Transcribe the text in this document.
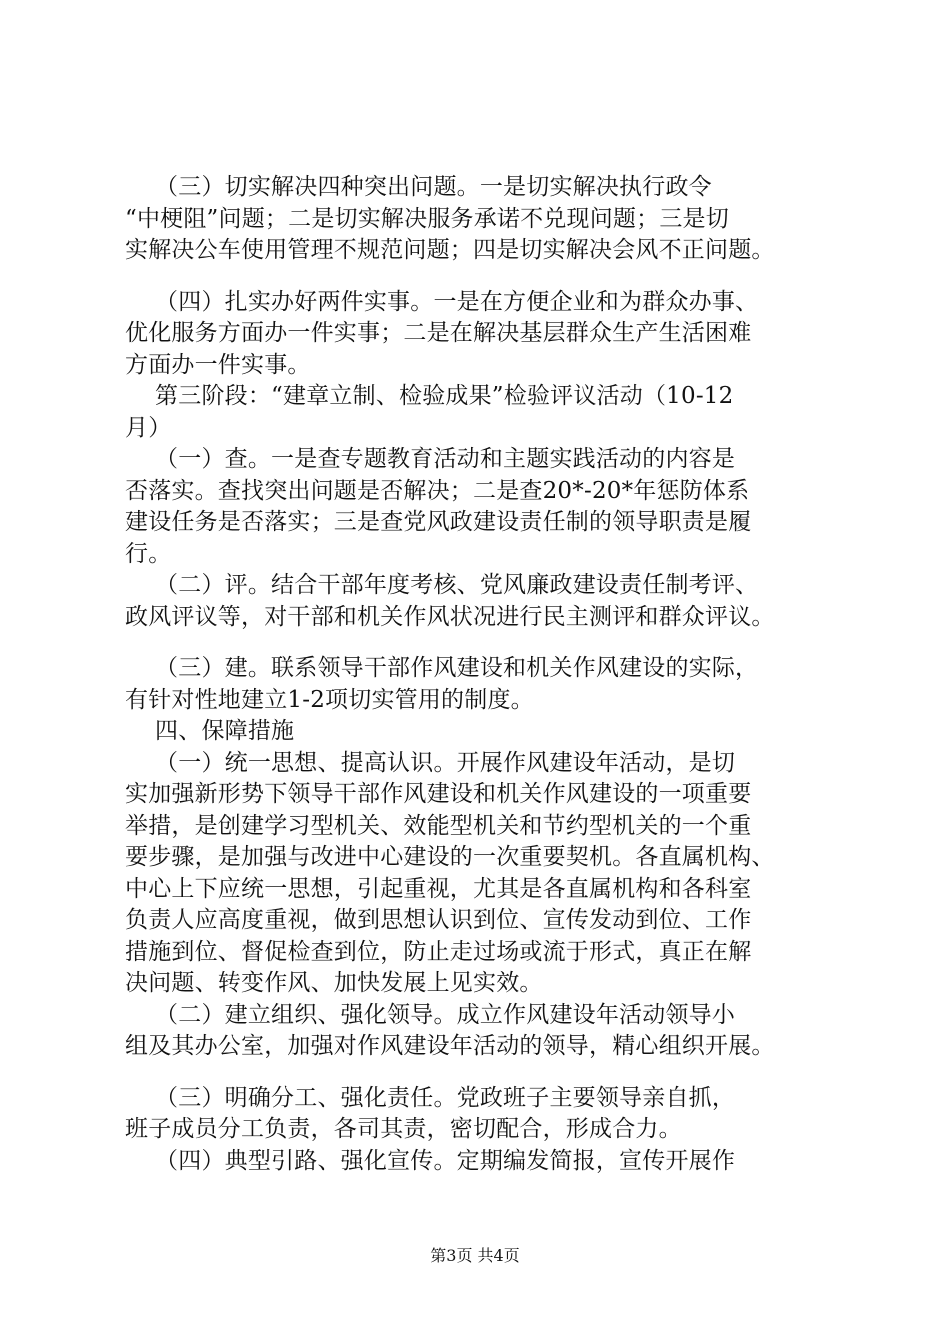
（三）切实解决四种突出问题。一是切实解决执行政令
“中梗阻”问题；二是切实解决服务承诺不兑现问题；三是切
实解决公车使用管理不规范问题；四是切实解决会风不正问题。
（四）扎实办好两件实事。一是在方便企业和为群众办事、
优化服务方面办一件实事；二是在解决基层群众生产生活困难
方面办一件实事。
第三阶段：“建章立制、检验成果”检验评议活动（10-12
月）
（一）查。一是查专题教育活动和主题实践活动的内容是
否落实。查找突出问题是否解决；二是查20*-20*年惩防体系
建设任务是否落实；三是查党风政建设责任制的领导职责是履
行。
（二）评。结合干部年度考核、党风廉政建设责任制考评、
政风评议等，对干部和机关作风状况进行民主测评和群众评议。
（三）建。联系领导干部作风建设和机关作风建设的实际，
有针对性地建立1-2项切实管用的制度。
四、保障措施
（一）统一思想、提高认识。开展作风建设年活动，是切
实加强新形势下领导干部作风建设和机关作风建设的一项重要
举措，是创建学习型机关、效能型机关和节约型机关的一个重
要步骤，是加强与改进中心建设的一次重要契机。各直属机构、
中心上下应统一思想，引起重视，尤其是各直属机构和各科室
负责人应高度重视，做到思想认识到位、宣传发动到位、工作
措施到位、督促检查到位，防止走过场或流于形式，真正在解
决问题、转变作风、加快发展上见实效。
（二）建立组织、强化领导。成立作风建设年活动领导小
组及其办公室，加强对作风建设年活动的领导，精心组织开展。
（三）明确分工、强化责任。党政班子主要领导亲自抓，
班子成员分工负责，各司其责，密切配合，形成合力。
（四）典型引路、强化宣传。定期编发简报，宣传开展作
第3页 共4页
